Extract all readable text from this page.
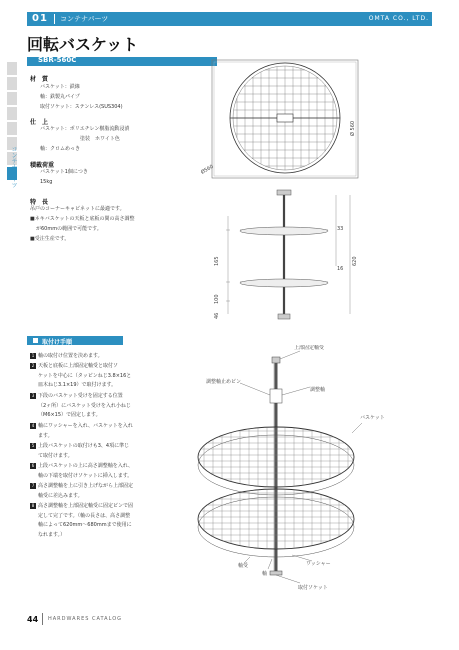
01 コンテナパーツ	OMTA CO., LTD.
回転バスケット
コンテナパーツ
SBR-560C
材　質
バスケット：鉄線
軸：鉄製丸パイプ
取付ソケット：ステンレス(SUS304)
仕　上
バスケット：ポリエチレン樹脂流動浸漬
塗装　ホワイト色
軸：クロムめっき
積載荷重
バスケット1個につき
15kg
特　長
吊戸のコーナーキャビネットに最適です。
■ネキバスケットの天板と底板の間の高さ調整
が60mmの範囲で可能です。
■受注生産です。
Ø560
Ø 560
33
16
165	620
46
100
取付け手順
1 軸の取付け位置を決めます。
2 天板と底板に上部固定軸受と取付ソ
ケットを中心に（タッピンねじ3.8×16と
皿木ねじ3.1×19）で取付けます。
3 下段のバスケット受けを固定する位置
（2ヶ所）にバスケット受けを入れ小ねじ
（M6×15）で固定します。
4 軸にワッシャーを入れ、バスケットを入れ
ます。
5 上段バスケットの取付けも3、4項に準じ
て取付けます。
6 上段バスケットの上に高さ調整軸を入れ、
軸の下端を取付けソケットに挿入します。
7 高さ調整軸を上に引き上げながら上部固定
軸受に差込みます。
8 高さ調整軸を上部固定軸受に固定ピンで固
定して完了です。（軸の長さは、高さ調整
軸によって620mm〜680mmまで使用に
なれます。）
上部固定軸受
調整軸止めピン
調整軸
バスケット
軸受
軸
ワッシャー
取付ソケット
44 HARDWARES CATALOG
